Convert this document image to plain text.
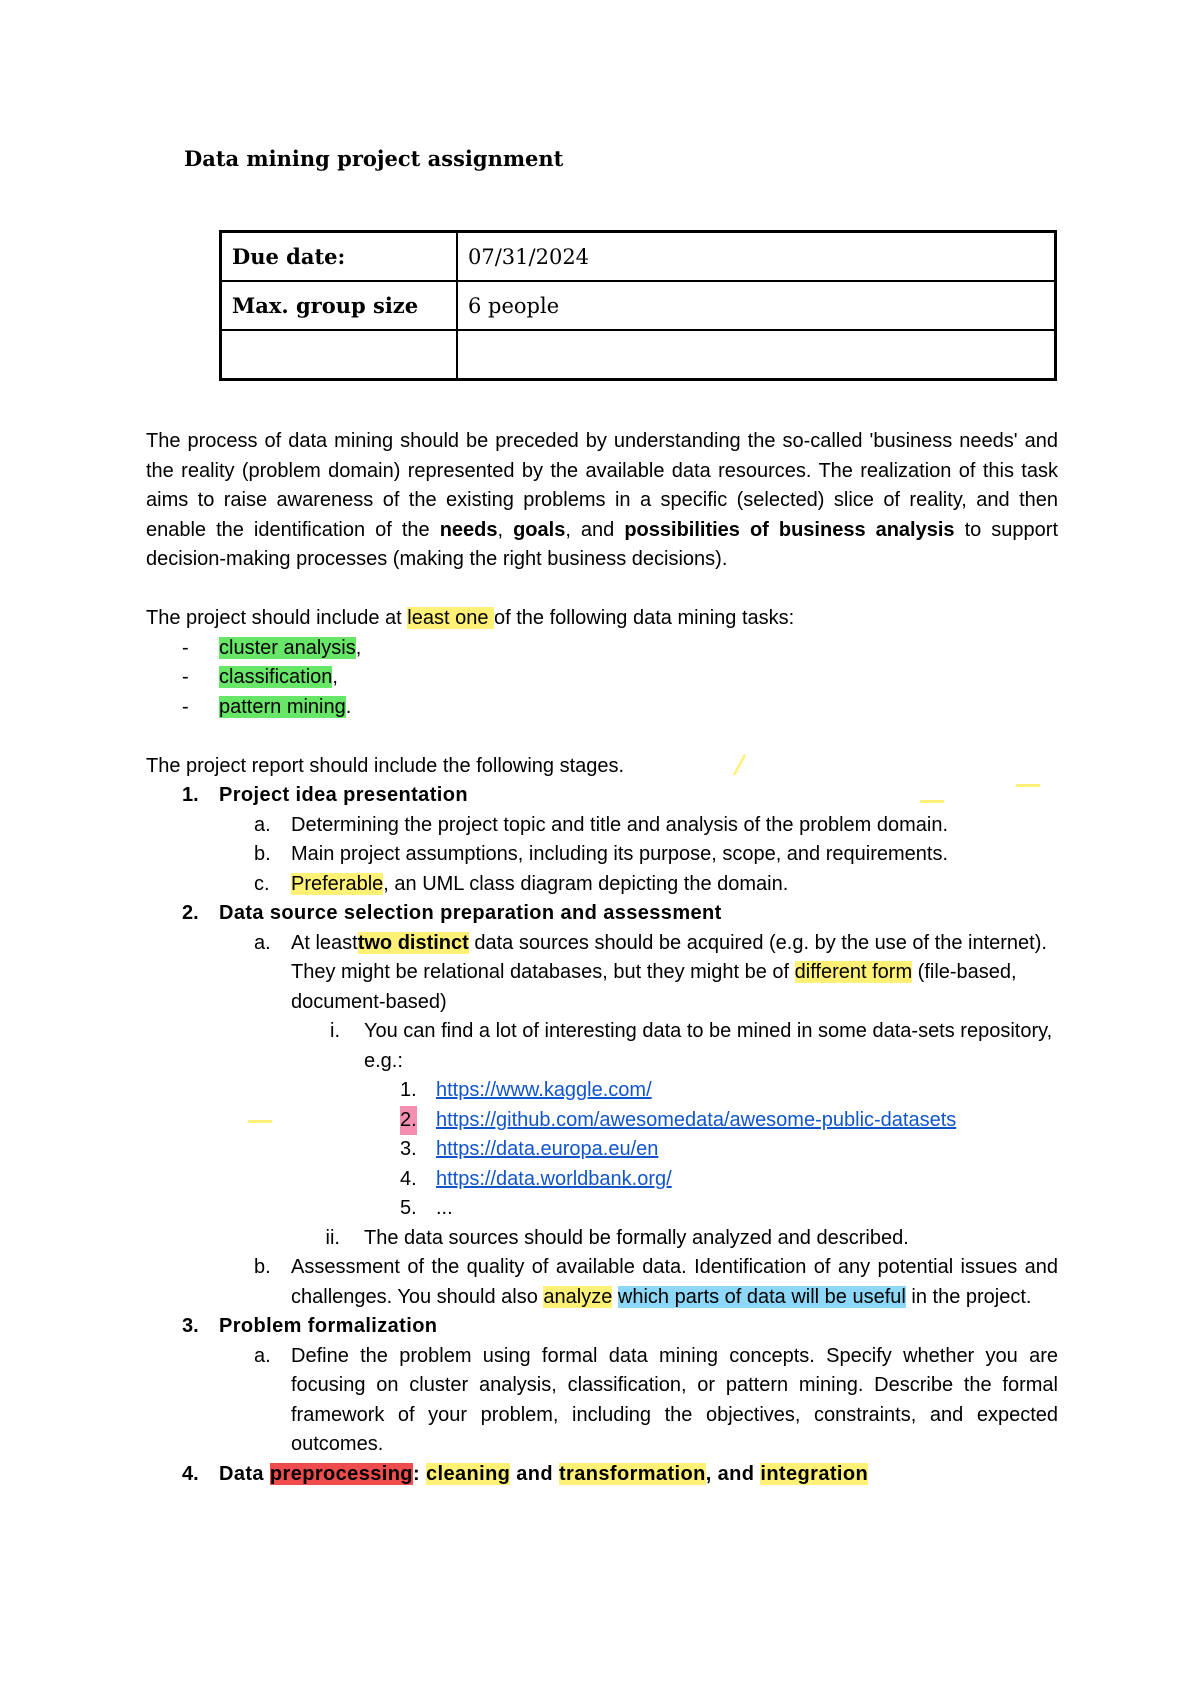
Data mining project assignment
Due date:	07/31/2024
Max. group size	6 people

The process of data mining should be preceded by understanding the so-called 'business needs' and the reality (problem domain) represented by the available data resources. The realization of this task aims to raise awareness of the existing problems in a specific (selected) slice of reality, and then enable the identification of the needs, goals, and possibilities of business analysis to support decision-making processes (making the right business decisions).

The project should include at least one of the following data mining tasks:

- cluster analysis,
- classification,
- pattern mining.

The project report should include the following stages.

1. Project idea presentation
a. Determining the project topic and title and analysis of the problem domain.
b. Main project assumptions, including its purpose, scope, and requirements.
c. Preferable, an UML class diagram depicting the domain.
2. Data source selection preparation and assessment
a. At leasttwo distinct data sources should be acquired (e.g. by the use of the internet). They might be relational databases, but they might be of different form (file-based, document-based)
i. You can find a lot of interesting data to be mined in some data-sets repository, e.g.:
1. https://www.kaggle.com/
2. https://github.com/awesomedata/awesome-public-datasets
3. https://data.europa.eu/en
4. https://data.worldbank.org/
5. ...
ii. The data sources should be formally analyzed and described.
b. Assessment of the quality of available data. Identification of any potential issues and challenges. You should also analyze which parts of data will be useful in the project.
3. Problem formalization
a. Define the problem using formal data mining concepts. Specify whether you are focusing on cluster analysis, classification, or pattern mining. Describe the formal framework of your problem, including the objectives, constraints, and expected outcomes.
4. Data preprocessing: cleaning and transformation, and integration
